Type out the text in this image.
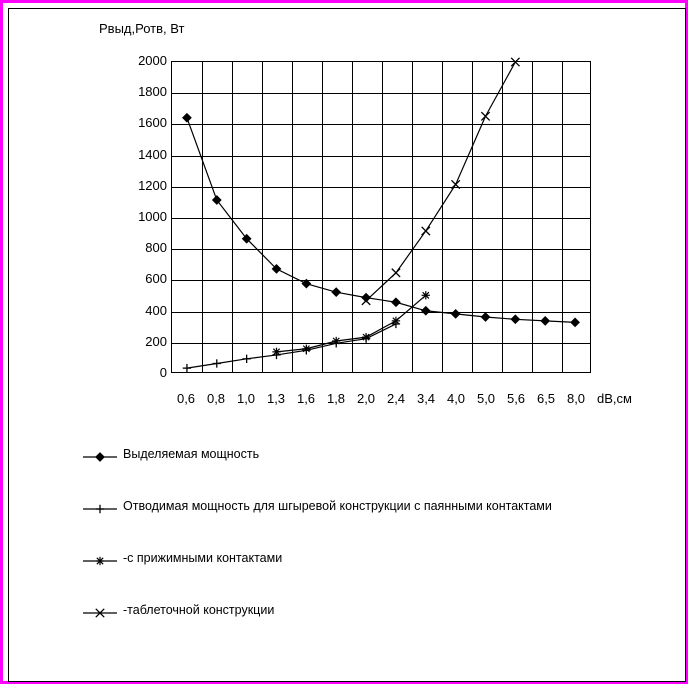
Рвыд,Ротв, Вт
0
200
400
600
800
1000
1200
1400
1600
1800
2000
0,6 0,8 1,0 1,3 1,6 1,8 2,0 2,4 3,4 4,0 5,0 5,6 6,5 8,0 dB,см
Выделяемая мощность
Отводимая мощность для шгыревой конструкции с паянными контактами
-с прижимными контактами
-таблеточной конструкции
